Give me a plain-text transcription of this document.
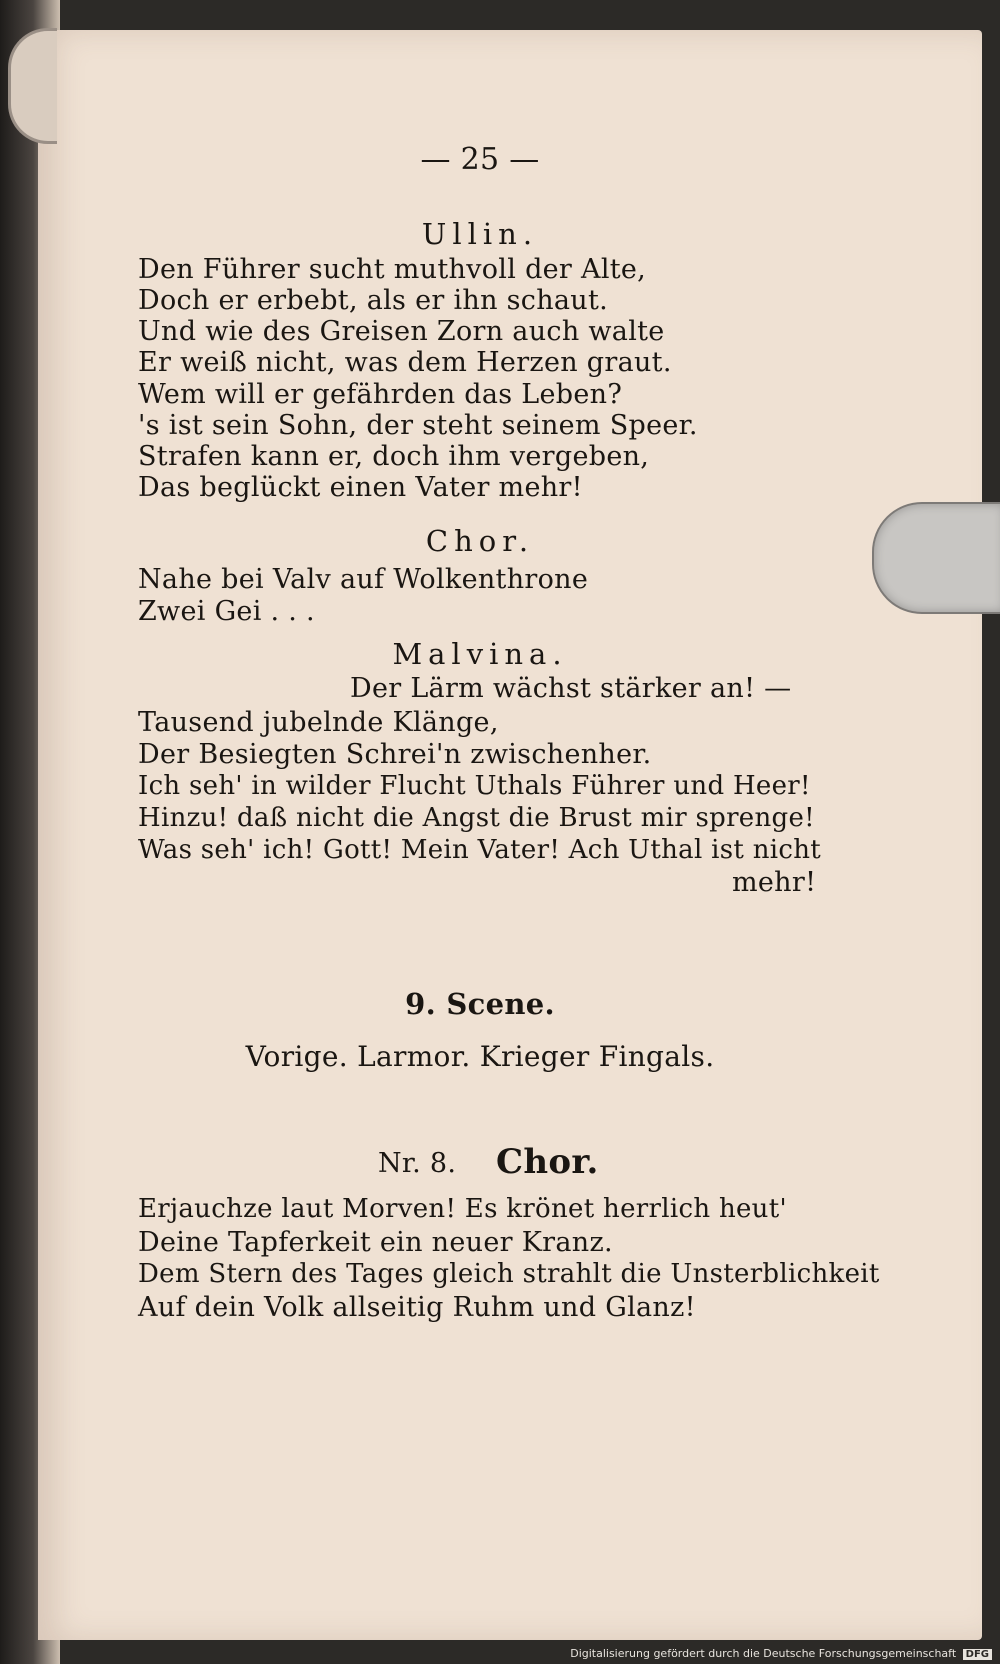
— 25 —
Ullin.
Den Führer sucht muthvoll der Alte,
Doch er erbebt, als er ihn schaut.
Und wie des Greisen Zorn auch walte
Er weiß nicht, was dem Herzen graut.
Wem will er gefährden das Leben?
's ist sein Sohn, der steht seinem Speer.
Strafen kann er, doch ihm vergeben,
Das beglückt einen Vater mehr!
Chor.
Nahe bei Valv auf Wolkenthrone
Zwei Gei . . .
Malvina.
Der Lärm wächst stärker an! —
Tausend jubelnde Klänge,
Der Besiegten Schrei'n zwischenher.
Ich seh' in wilder Flucht Uthals Führer und Heer!
Hinzu! daß nicht die Angst die Brust mir sprenge!
Was seh' ich! Gott! Mein Vater! Ach Uthal ist nicht
mehr!
9. Scene.
Vorige. Larmor. Krieger Fingals.
Nr. 8. Chor.
Erjauchze laut Morven! Es krönet herrlich heut'
Deine Tapferkeit ein neuer Kranz.
Dem Stern des Tages gleich strahlt die Unsterblichkeit
Auf dein Volk allseitig Ruhm und Glanz!
Digitalisierung gefördert durch die Deutsche Forschungsgemeinschaft DFG
